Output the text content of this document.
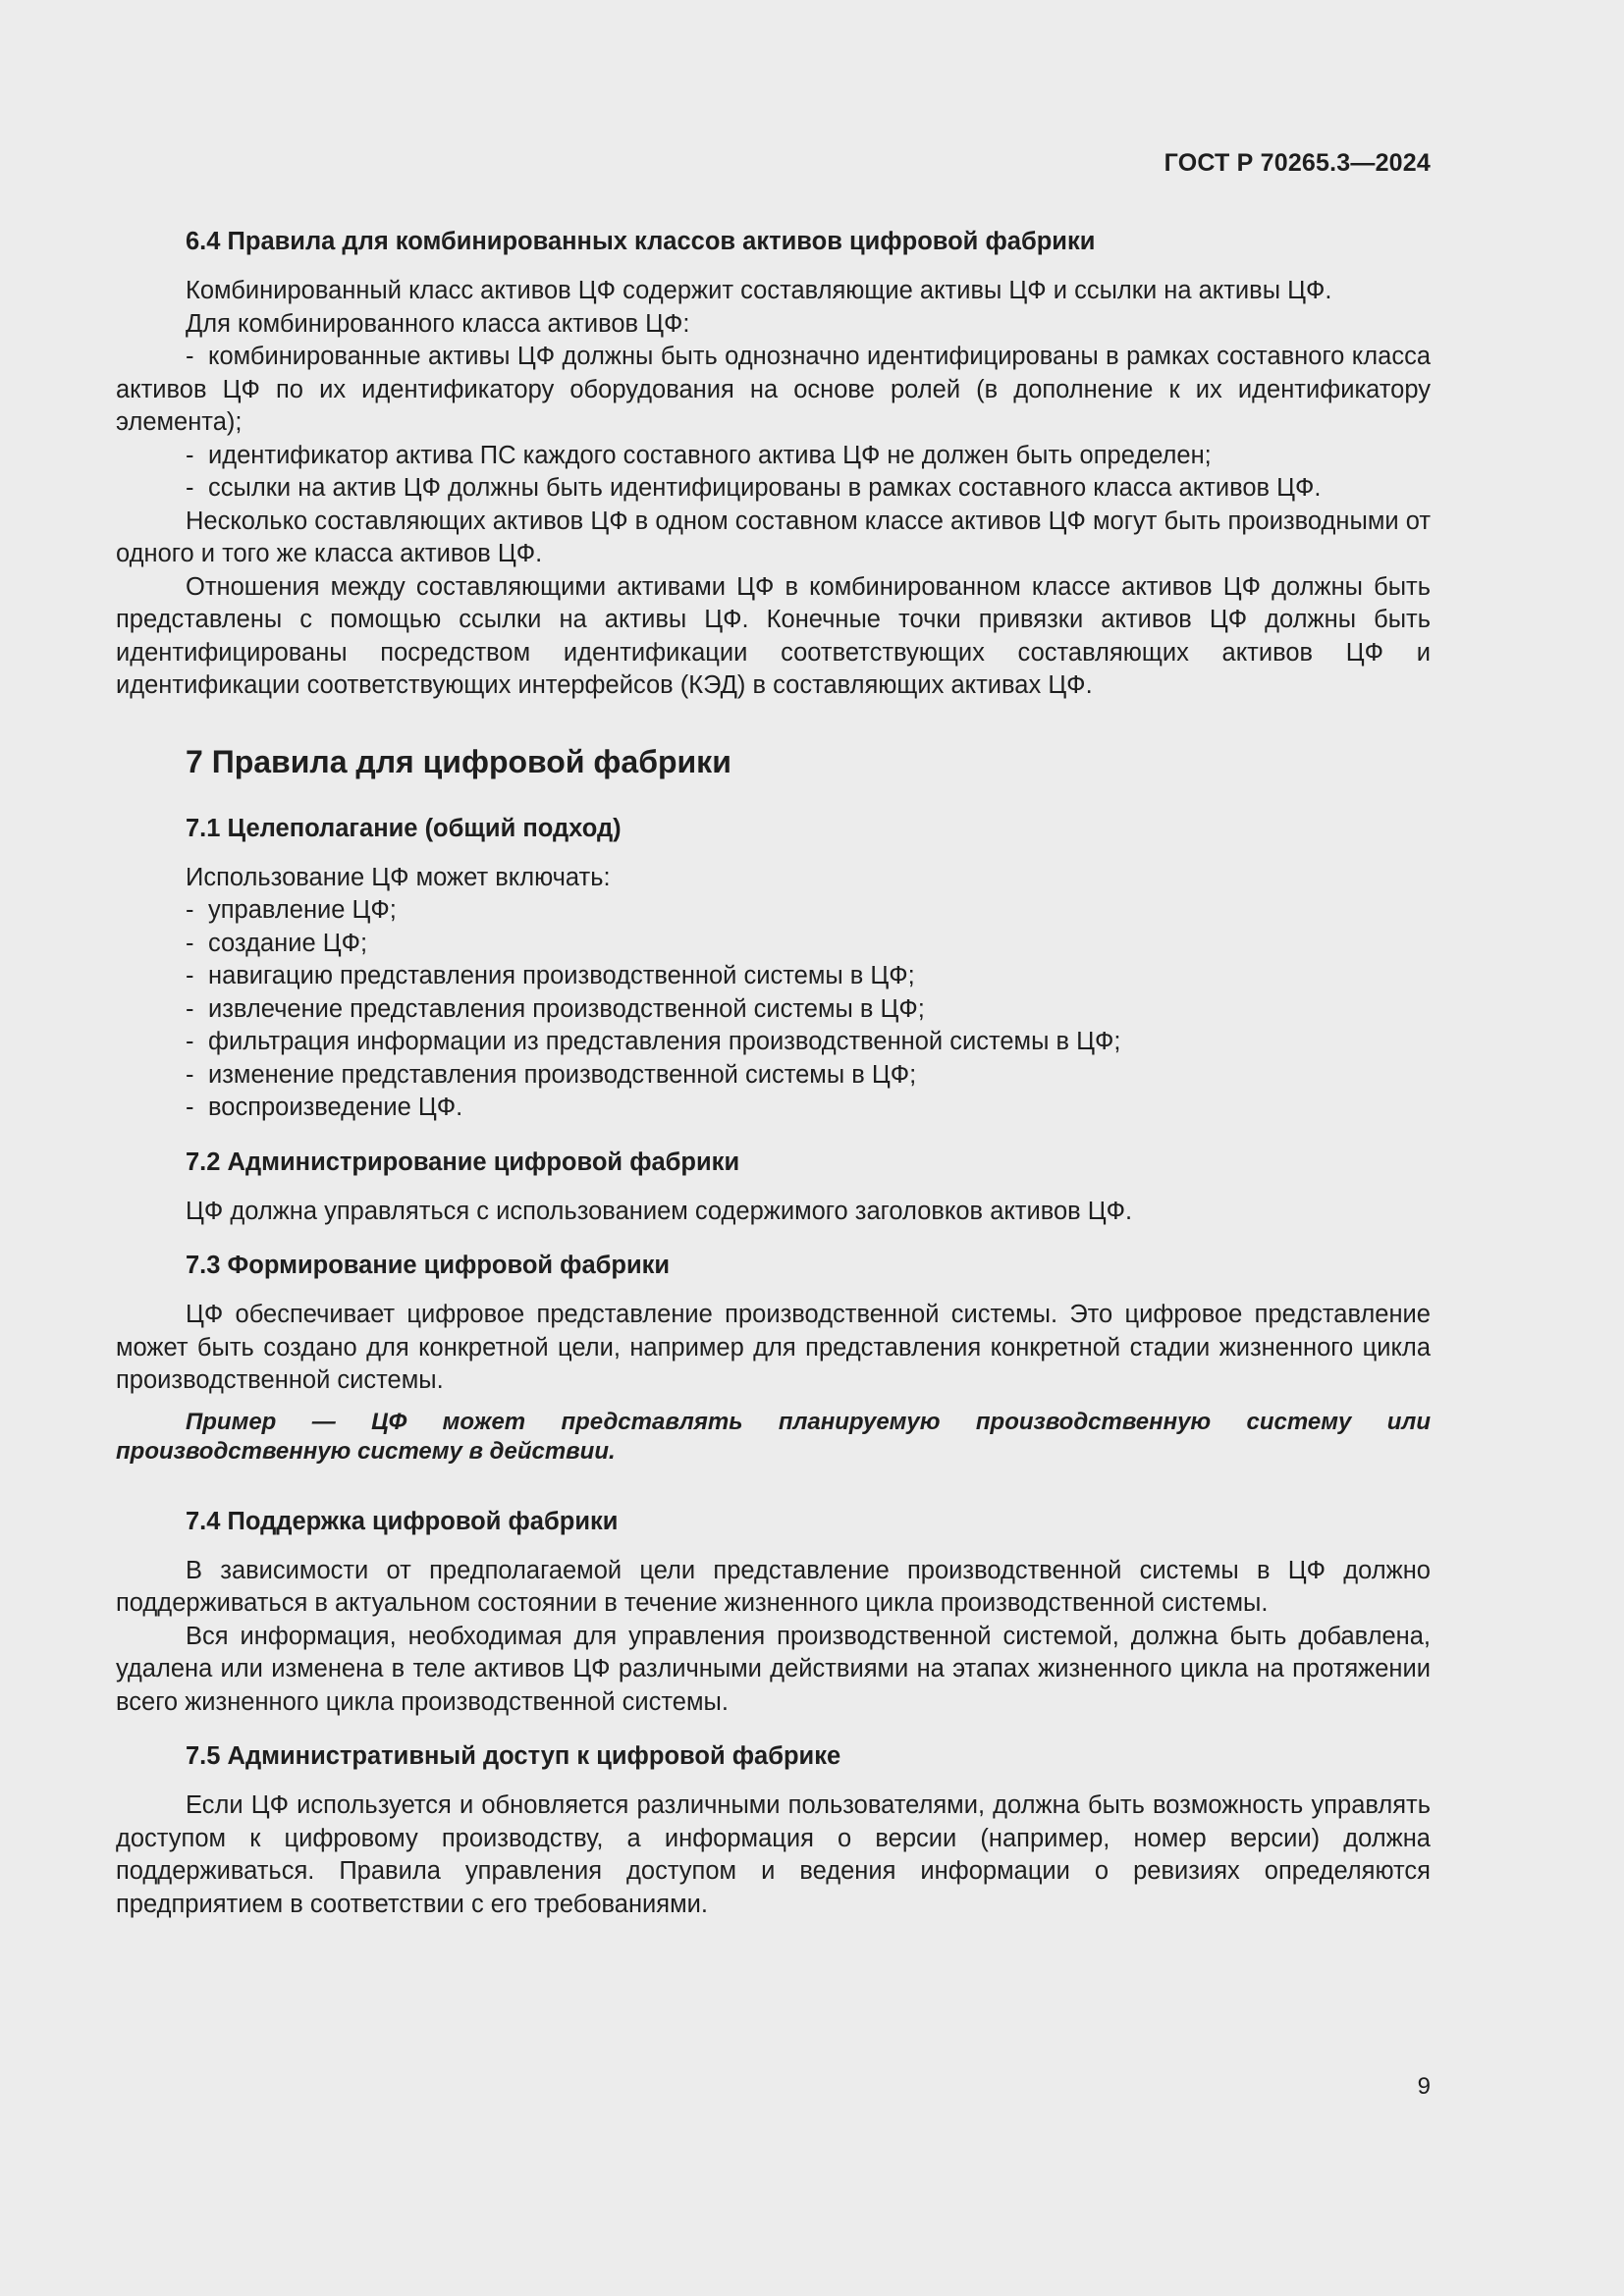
ГОСТ Р 70265.3—2024
6.4 Правила для комбинированных классов активов цифровой фабрики

Комбинированный класс активов ЦФ содержит составляющие активы ЦФ и ссылки на активы ЦФ.

Для комбинированного класса активов ЦФ:

- комбинированные активы ЦФ должны быть однозначно идентифицированы в рамках составного класса активов ЦФ по их идентификатору оборудования на основе ролей (в дополнение к их идентификатору элемента);

- идентификатор актива ПС каждого составного актива ЦФ не должен быть определен;

- ссылки на актив ЦФ должны быть идентифицированы в рамках составного класса активов ЦФ.

Несколько составляющих активов ЦФ в одном составном классе активов ЦФ могут быть производными от одного и того же класса активов ЦФ.

Отношения между составляющими активами ЦФ в комбинированном классе активов ЦФ должны быть представлены с помощью ссылки на активы ЦФ. Конечные точки привязки активов ЦФ должны быть идентифицированы посредством идентификации соответствующих составляющих активов ЦФ и идентификации соответствующих интерфейсов (КЭД) в составляющих активах ЦФ.

7 Правила для цифровой фабрики
7.1 Целеполагание (общий подход)

Использование ЦФ может включать:

- управление ЦФ;

- создание ЦФ;

- навигацию представления производственной системы в ЦФ;

- извлечение представления производственной системы в ЦФ;

- фильтрация информации из представления производственной системы в ЦФ;

- изменение представления производственной системы в ЦФ;

- воспроизведение ЦФ.

7.2 Администрирование цифровой фабрики

ЦФ должна управляться с использованием содержимого заголовков активов ЦФ.

7.3 Формирование цифровой фабрики

ЦФ обеспечивает цифровое представление производственной системы. Это цифровое представление может быть создано для конкретной цели, например для представления конкретной стадии жизненного цикла производственной системы.

Пример — ЦФ может представлять планируемую производственную систему или производственную систему в действии.

7.4 Поддержка цифровой фабрики

В зависимости от предполагаемой цели представление производственной системы в ЦФ должно поддерживаться в актуальном состоянии в течение жизненного цикла производственной системы.

Вся информация, необходимая для управления производственной системой, должна быть добавлена, удалена или изменена в теле активов ЦФ различными действиями на этапах жизненного цикла на протяжении всего жизненного цикла производственной системы.

7.5 Административный доступ к цифровой фабрике

Если ЦФ используется и обновляется различными пользователями, должна быть возможность управлять доступом к цифровому производству, а информация о версии (например, номер версии) должна поддерживаться. Правила управления доступом и ведения информации о ревизиях определяются предприятием в соответствии с его требованиями.

9
